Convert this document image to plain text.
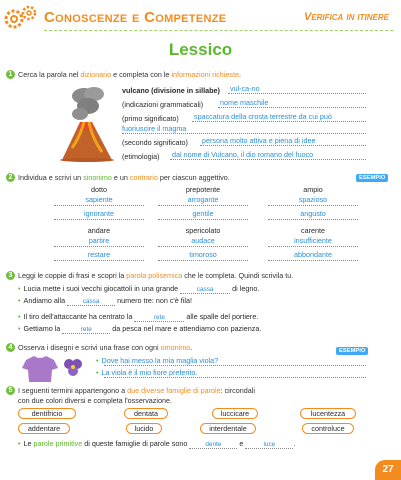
Conoscenze e Competenze	Verifica in itinere
Lessico
1 Cerca la parola nel dizionario e completa con le informazioni richieste.
vulcano (divisione in sillabe) vul-ca-no
(indicazioni grammaticali) nome maschile
(primo significato) spaccatura della crosta terrestre da cui può
fuoriuscire il magma
(secondo significato) persona molto attiva e piena di idee
(etimologia) dal nome di Vulcano, il dio romano del fuoco
2 Individua e scrivi un sinonimo e un contrario per ciascun aggettivo.	ESEMPIO
dotto
sapiente
ignorante
prepotente
arrogante
gentile
ampio
spazioso
angusto
andare
partire
restare
spericolato
audace
timoroso
carente
insufficiente
abbondante
3 Leggi le coppie di frasi e scopri la parola polisemica che le completa. Quindi scrivila tu.
• Lucia mette i suoi vecchi giocattoli in una grande	cassa	di legno.
• Andiamo alla	cassa numero tre: non c'è fila!
• Il tiro dell'attaccante ha centrato la	rete	alle spalle del portiere.
• Gettiamo la	rete	da pesca nel mare e attendiamo con pazienza.
4 Osserva i disegni e scrivi una frase con ogni omonimo.	ESEMPIO
• Dove hai messo la mia maglia viola?
• La viola è il mio fiore preferito.
5 I seguenti termini appartengono a due diverse famiglie di parole: circondali
con due colori diversi e completa l'osservazione.
dentifricio	dentata	luccicare	lucentezza
addentare	lucido	interdentale	controluce
• Le parole primitive di queste famiglie di parole sono	dente	e	luce	.
27
